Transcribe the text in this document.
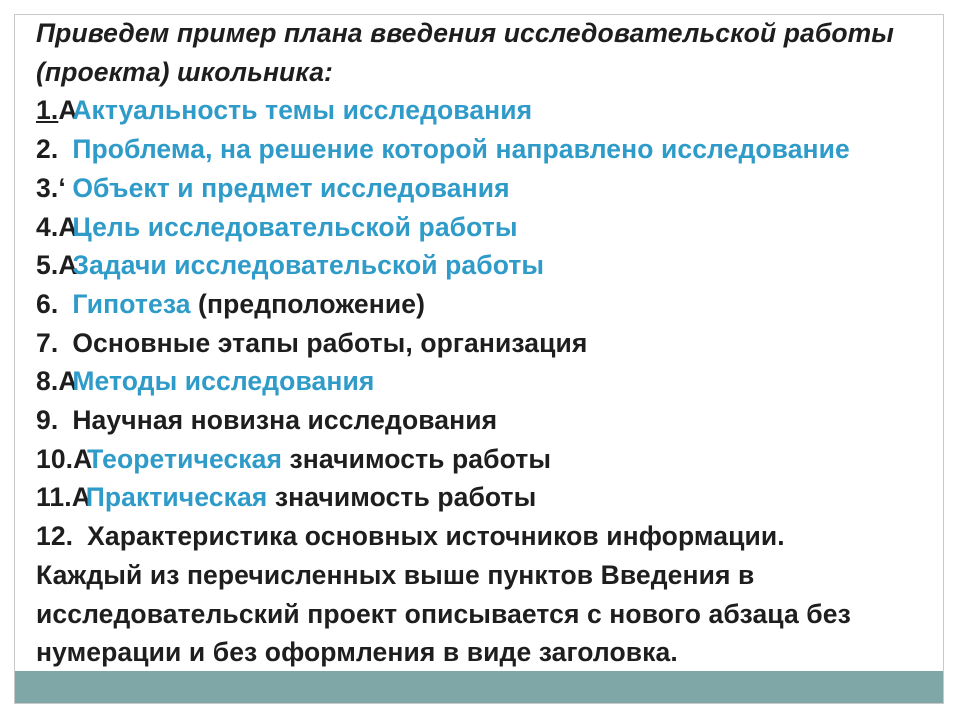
Приведем пример плана введения исследовательской работы (проекта) школьника:
1.AАктуальность темы исследования
2. Проблема, на решение которой направлено исследование
3.ʻ Объект и предмет исследования
4.AЦель исследовательской работы
5.AЗадачи исследовательской работы
6. Гипотеза (предположение)
7. Основные этапы работы, организация
8.AМетоды исследования
9. Научная новизна исследования
10.AТеоретическая значимость работы
11.AПрактическая значимость работы
12. Характеристика основных источников информации.
Каждый из перечисленных выше пунктов Введения в
исследовательский проект описывается с нового абзаца без
нумерации и без оформления в виде заголовка.
